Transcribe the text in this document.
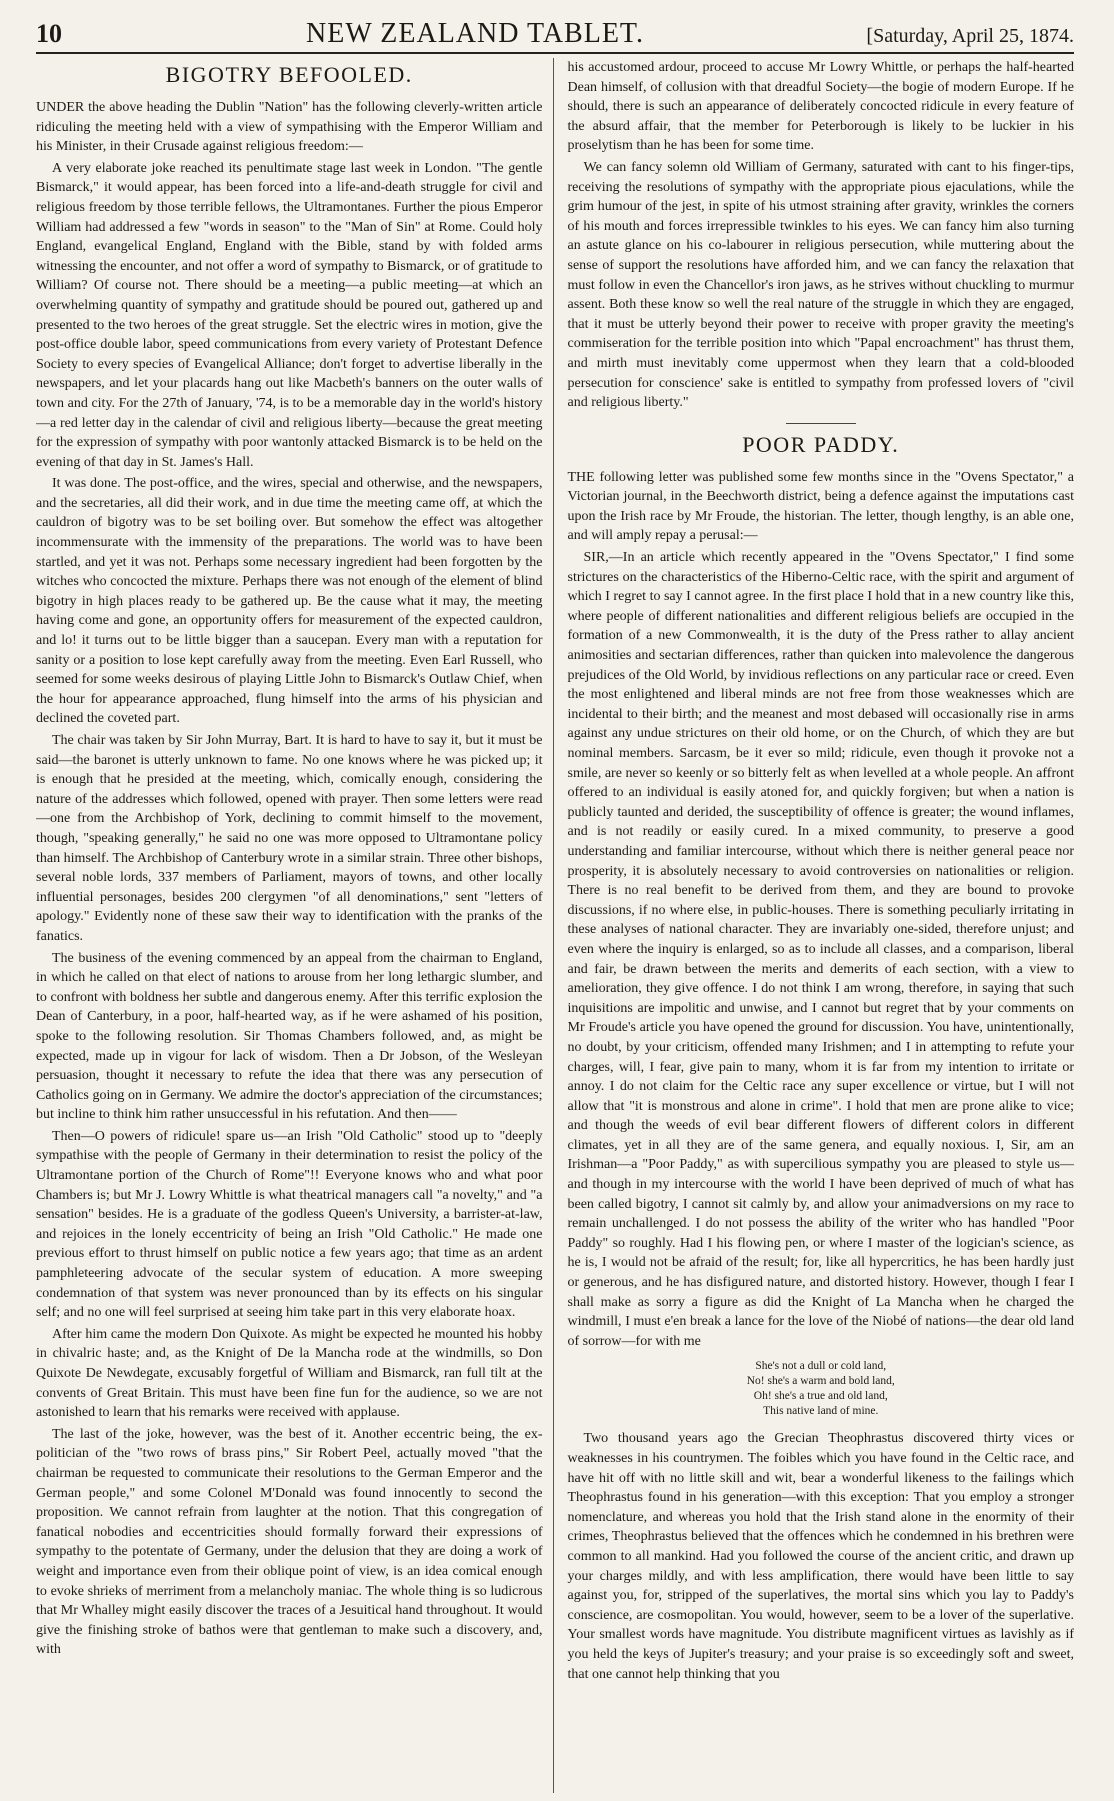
10	NEW ZEALAND TABLET.	[Saturday, April 25, 1874.
BIGOTRY BEFOOLED.

UNDER the above heading the Dublin "Nation" has the following cleverly-written article ridiculing the meeting held with a view of sympathising with the Emperor William and his Minister, in their Crusade against religious freedom:—

A very elaborate joke reached its penultimate stage last week in London. "The gentle Bismarck," it would appear, has been forced into a life-and-death struggle for civil and religious freedom by those terrible fellows, the Ultramontanes. Further the pious Emperor William had addressed a few "words in season" to the "Man of Sin" at Rome. Could holy England, evangelical England, England with the Bible, stand by with folded arms witnessing the encounter, and not offer a word of sympathy to Bismarck, or of gratitude to William? Of course not. There should be a meeting—a public meeting—at which an overwhelming quantity of sympathy and gratitude should be poured out, gathered up and presented to the two heroes of the great struggle. Set the electric wires in motion, give the post-office double labor, speed communications from every variety of Protestant Defence Society to every species of Evangelical Alliance; don't forget to advertise liberally in the newspapers, and let your placards hang out like Macbeth's banners on the outer walls of town and city. For the 27th of January, '74, is to be a memorable day in the world's history—a red letter day in the calendar of civil and religious liberty—because the great meeting for the expression of sympathy with poor wantonly attacked Bismarck is to be held on the evening of that day in St. James's Hall.

It was done. The post-office, and the wires, special and otherwise, and the newspapers, and the secretaries, all did their work, and in due time the meeting came off, at which the cauldron of bigotry was to be set boiling over. But somehow the effect was altogether incommensurate with the immensity of the preparations. The world was to have been startled, and yet it was not. Perhaps some necessary ingredient had been forgotten by the witches who concocted the mixture. Perhaps there was not enough of the element of blind bigotry in high places ready to be gathered up. Be the cause what it may, the meeting having come and gone, an opportunity offers for measurement of the expected cauldron, and lo! it turns out to be little bigger than a saucepan. Every man with a reputation for sanity or a position to lose kept carefully away from the meeting. Even Earl Russell, who seemed for some weeks desirous of playing Little John to Bismarck's Outlaw Chief, when the hour for appearance approached, flung himself into the arms of his physician and declined the coveted part.

The chair was taken by Sir John Murray, Bart. It is hard to have to say it, but it must be said—the baronet is utterly unknown to fame. No one knows where he was picked up; it is enough that he presided at the meeting, which, comically enough, considering the nature of the addresses which followed, opened with prayer. Then some letters were read—one from the Archbishop of York, declining to commit himself to the movement, though, "speaking generally," he said no one was more opposed to Ultramontane policy than himself. The Archbishop of Canterbury wrote in a similar strain. Three other bishops, several noble lords, 337 members of Parliament, mayors of towns, and other locally influential personages, besides 200 clergymen "of all denominations," sent "letters of apology." Evidently none of these saw their way to identification with the pranks of the fanatics.

The business of the evening commenced by an appeal from the chairman to England, in which he called on that elect of nations to arouse from her long lethargic slumber, and to confront with boldness her subtle and dangerous enemy. After this terrific explosion the Dean of Canterbury, in a poor, half-hearted way, as if he were ashamed of his position, spoke to the following resolution. Sir Thomas Chambers followed, and, as might be expected, made up in vigour for lack of wisdom. Then a Dr Jobson, of the Wesleyan persuasion, thought it necessary to refute the idea that there was any persecution of Catholics going on in Germany. We admire the doctor's appreciation of the circumstances; but incline to think him rather unsuccessful in his refutation. And then——

Then—O powers of ridicule! spare us—an Irish "Old Catholic" stood up to "deeply sympathise with the people of Germany in their determination to resist the policy of the Ultramontane portion of the Church of Rome"!! Everyone knows who and what poor Chambers is; but Mr J. Lowry Whittle is what theatrical managers call "a novelty," and "a sensation" besides. He is a graduate of the godless Queen's University, a barrister-at-law, and rejoices in the lonely eccentricity of being an Irish "Old Catholic." He made one previous effort to thrust himself on public notice a few years ago; that time as an ardent pamphleteering advocate of the secular system of education. A more sweeping condemnation of that system was never pronounced than by its effects on his singular self; and no one will feel surprised at seeing him take part in this very elaborate hoax.

After him came the modern Don Quixote. As might be expected he mounted his hobby in chivalric haste; and, as the Knight of De la Mancha rode at the windmills, so Don Quixote De Newdegate, excusably forgetful of William and Bismarck, ran full tilt at the convents of Great Britain. This must have been fine fun for the audience, so we are not astonished to learn that his remarks were received with applause.

The last of the joke, however, was the best of it. Another eccentric being, the ex-politician of the "two rows of brass pins," Sir Robert Peel, actually moved "that the chairman be requested to communicate their resolutions to the German Emperor and the German people," and some Colonel M'Donald was found innocently to second the proposition. We cannot refrain from laughter at the notion. That this congregation of fanatical nobodies and eccentricities should formally forward their expressions of sympathy to the potentate of Germany, under the delusion that they are doing a work of weight and importance even from their oblique point of view, is an idea comical enough to evoke shrieks of merriment from a melancholy maniac. The whole thing is so ludicrous that Mr Whalley might easily discover the traces of a Jesuitical hand throughout. It would give the finishing stroke of bathos were that gentleman to make such a discovery, and, with

his accustomed ardour, proceed to accuse Mr Lowry Whittle, or perhaps the half-hearted Dean himself, of collusion with that dreadful Society—the bogie of modern Europe. If he should, there is such an appearance of deliberately concocted ridicule in every feature of the absurd affair, that the member for Peterborough is likely to be luckier in his proselytism than he has been for some time.

We can fancy solemn old William of Germany, saturated with cant to his finger-tips, receiving the resolutions of sympathy with the appropriate pious ejaculations, while the grim humour of the jest, in spite of his utmost straining after gravity, wrinkles the corners of his mouth and forces irrepressible twinkles to his eyes. We can fancy him also turning an astute glance on his co-labourer in religious persecution, while muttering about the sense of support the resolutions have afforded him, and we can fancy the relaxation that must follow in even the Chancellor's iron jaws, as he strives without chuckling to murmur assent. Both these know so well the real nature of the struggle in which they are engaged, that it must be utterly beyond their power to receive with proper gravity the meeting's commiseration for the terrible position into which "Papal encroachment" has thrust them, and mirth must inevitably come uppermost when they learn that a cold-blooded persecution for conscience' sake is entitled to sympathy from professed lovers of "civil and religious liberty."

POOR PADDY.

THE following letter was published some few months since in the "Ovens Spectator," a Victorian journal, in the Beechworth district, being a defence against the imputations cast upon the Irish race by Mr Froude, the historian. The letter, though lengthy, is an able one, and will amply repay a perusal:—

SIR,—In an article which recently appeared in the "Ovens Spectator," I find some strictures on the characteristics of the Hiberno-Celtic race, with the spirit and argument of which I regret to say I cannot agree. In the first place I hold that in a new country like this, where people of different nationalities and different religious beliefs are occupied in the formation of a new Commonwealth, it is the duty of the Press rather to allay ancient animosities and sectarian differences, rather than quicken into malevolence the dangerous prejudices of the Old World, by invidious reflections on any particular race or creed. Even the most enlightened and liberal minds are not free from those weaknesses which are incidental to their birth; and the meanest and most debased will occasionally rise in arms against any undue strictures on their old home, or on the Church, of which they are but nominal members. Sarcasm, be it ever so mild; ridicule, even though it provoke not a smile, are never so keenly or so bitterly felt as when levelled at a whole people. An affront offered to an individual is easily atoned for, and quickly forgiven; but when a nation is publicly taunted and derided, the susceptibility of offence is greater; the wound inflames, and is not readily or easily cured. In a mixed community, to preserve a good understanding and familiar intercourse, without which there is neither general peace nor prosperity, it is absolutely necessary to avoid controversies on nationalities or religion. There is no real benefit to be derived from them, and they are bound to provoke discussions, if no where else, in public-houses. There is something peculiarly irritating in these analyses of national character. They are invariably one-sided, therefore unjust; and even where the inquiry is enlarged, so as to include all classes, and a comparison, liberal and fair, be drawn between the merits and demerits of each section, with a view to amelioration, they give offence. I do not think I am wrong, therefore, in saying that such inquisitions are impolitic and unwise, and I cannot but regret that by your comments on Mr Froude's article you have opened the ground for discussion. You have, unintentionally, no doubt, by your criticism, offended many Irishmen; and I in attempting to refute your charges, will, I fear, give pain to many, whom it is far from my intention to irritate or annoy. I do not claim for the Celtic race any super excellence or virtue, but I will not allow that "it is monstrous and alone in crime". I hold that men are prone alike to vice; and though the weeds of evil bear different flowers of different colors in different climates, yet in all they are of the same genera, and equally noxious. I, Sir, am an Irishman—a "Poor Paddy," as with supercilious sympathy you are pleased to style us—and though in my intercourse with the world I have been deprived of much of what has been called bigotry, I cannot sit calmly by, and allow your animadversions on my race to remain unchallenged. I do not possess the ability of the writer who has handled "Poor Paddy" so roughly. Had I his flowing pen, or where I master of the logician's science, as he is, I would not be afraid of the result; for, like all hypercritics, he has been hardly just or generous, and he has disfigured nature, and distorted history. However, though I fear I shall make as sorry a figure as did the Knight of La Mancha when he charged the windmill, I must e'en break a lance for the love of the Niobé of nations—the dear old land of sorrow—for with me

She's not a dull or cold land,
No! she's a warm and bold land,
Oh! she's a true and old land,
This native land of mine.

Two thousand years ago the Grecian Theophrastus discovered thirty vices or weaknesses in his countrymen. The foibles which you have found in the Celtic race, and have hit off with no little skill and wit, bear a wonderful likeness to the failings which Theophrastus found in his generation—with this exception: That you employ a stronger nomenclature, and whereas you hold that the Irish stand alone in the enormity of their crimes, Theophrastus believed that the offences which he condemned in his brethren were common to all mankind. Had you followed the course of the ancient critic, and drawn up your charges mildly, and with less amplification, there would have been little to say against you, for, stripped of the superlatives, the mortal sins which you lay to Paddy's conscience, are cosmopolitan. You would, however, seem to be a lover of the superlative. Your smallest words have magnitude. You distribute magnificent virtues as lavishly as if you held the keys of Jupiter's treasury; and your praise is so exceedingly soft and sweet, that one cannot help thinking that you
